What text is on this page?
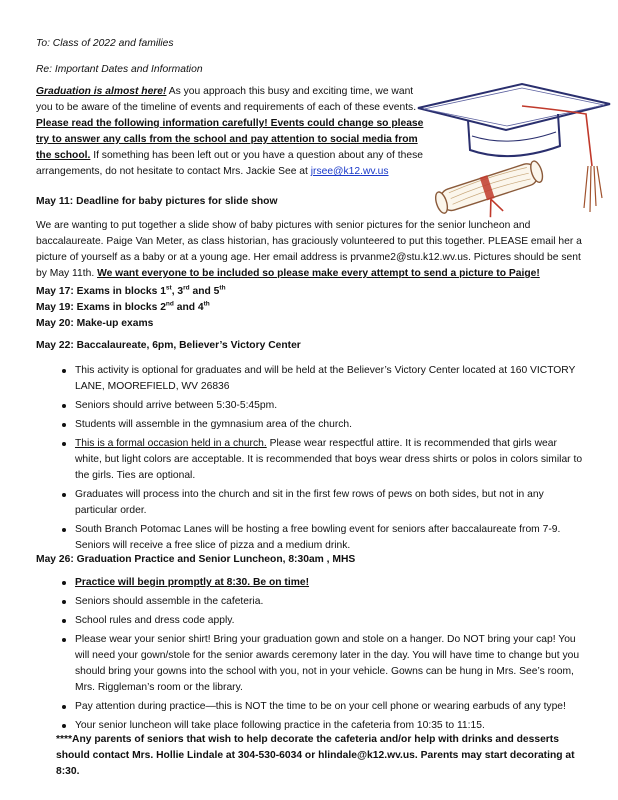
To: Class of 2022 and families

Re: Important Dates and Information

Graduation is almost here! As you approach this busy and exciting time, we want you to be aware of the timeline of events and requirements of each of these events. Please read the following information carefully! Events could change so please try to answer any calls from the school and pay attention to social media from the school. If something has been left out or you have a question about any of these arrangements, do not hesitate to contact Mrs. Jackie See at jrsee@k12.wv.us

May 11: Deadline for baby pictures for slide show

We are wanting to put together a slide show of baby pictures with senior pictures for the senior luncheon and baccalaureate. Paige Van Meter, as class historian, has graciously volunteered to put this together. PLEASE email her a picture of yourself as a baby or at a young age. Her email address is prvanme2@stu.k12.wv.us. Pictures should be sent by May 11th. We want everyone to be included so please make every attempt to send a picture to Paige!

May 17: Exams in blocks 1st, 3rd and 5th
May 19: Exams in blocks 2nd and 4th
May 20: Make-up exams

May 22: Baccalaureate, 6pm, Believer’s Victory Center

This activity is optional for graduates and will be held at the Believer’s Victory Center located at 160 VICTORY LANE, MOOREFIELD, WV 26836
Seniors should arrive between 5:30-5:45pm.
Students will assemble in the gymnasium area of the church.
This is a formal occasion held in a church. Please wear respectful attire. It is recommended that girls wear white, but light colors are acceptable. It is recommended that boys wear dress shirts or polos in colors similar to the girls. Ties are optional.
Graduates will process into the church and sit in the first few rows of pews on both sides, but not in any particular order.
South Branch Potomac Lanes will be hosting a free bowling event for seniors after baccalaureate from 7-9. Seniors will receive a free slice of pizza and a medium drink.

May 26: Graduation Practice and Senior Luncheon, 8:30am , MHS

Practice will begin promptly at 8:30. Be on time!
Seniors should assemble in the cafeteria.
School rules and dress code apply.
Please wear your senior shirt! Bring your graduation gown and stole on a hanger. Do NOT bring your cap! You will need your gown/stole for the senior awards ceremony later in the day. You will have time to change but you should bring your gowns into the school with you, not in your vehicle. Gowns can be hung in Mrs. See’s room, Mrs. Riggleman’s room or the library.
Pay attention during practice—this is NOT the time to be on your cell phone or wearing earbuds of any type!
Your senior luncheon will take place following practice in the cafeteria from 10:35 to 11:15.

****Any parents of seniors that wish to help decorate the cafeteria and/or help with drinks and desserts should contact Mrs. Hollie Lindale at 304-530-6034 or hlindale@k12.wv.us. Parents may start decorating at 8:30.
